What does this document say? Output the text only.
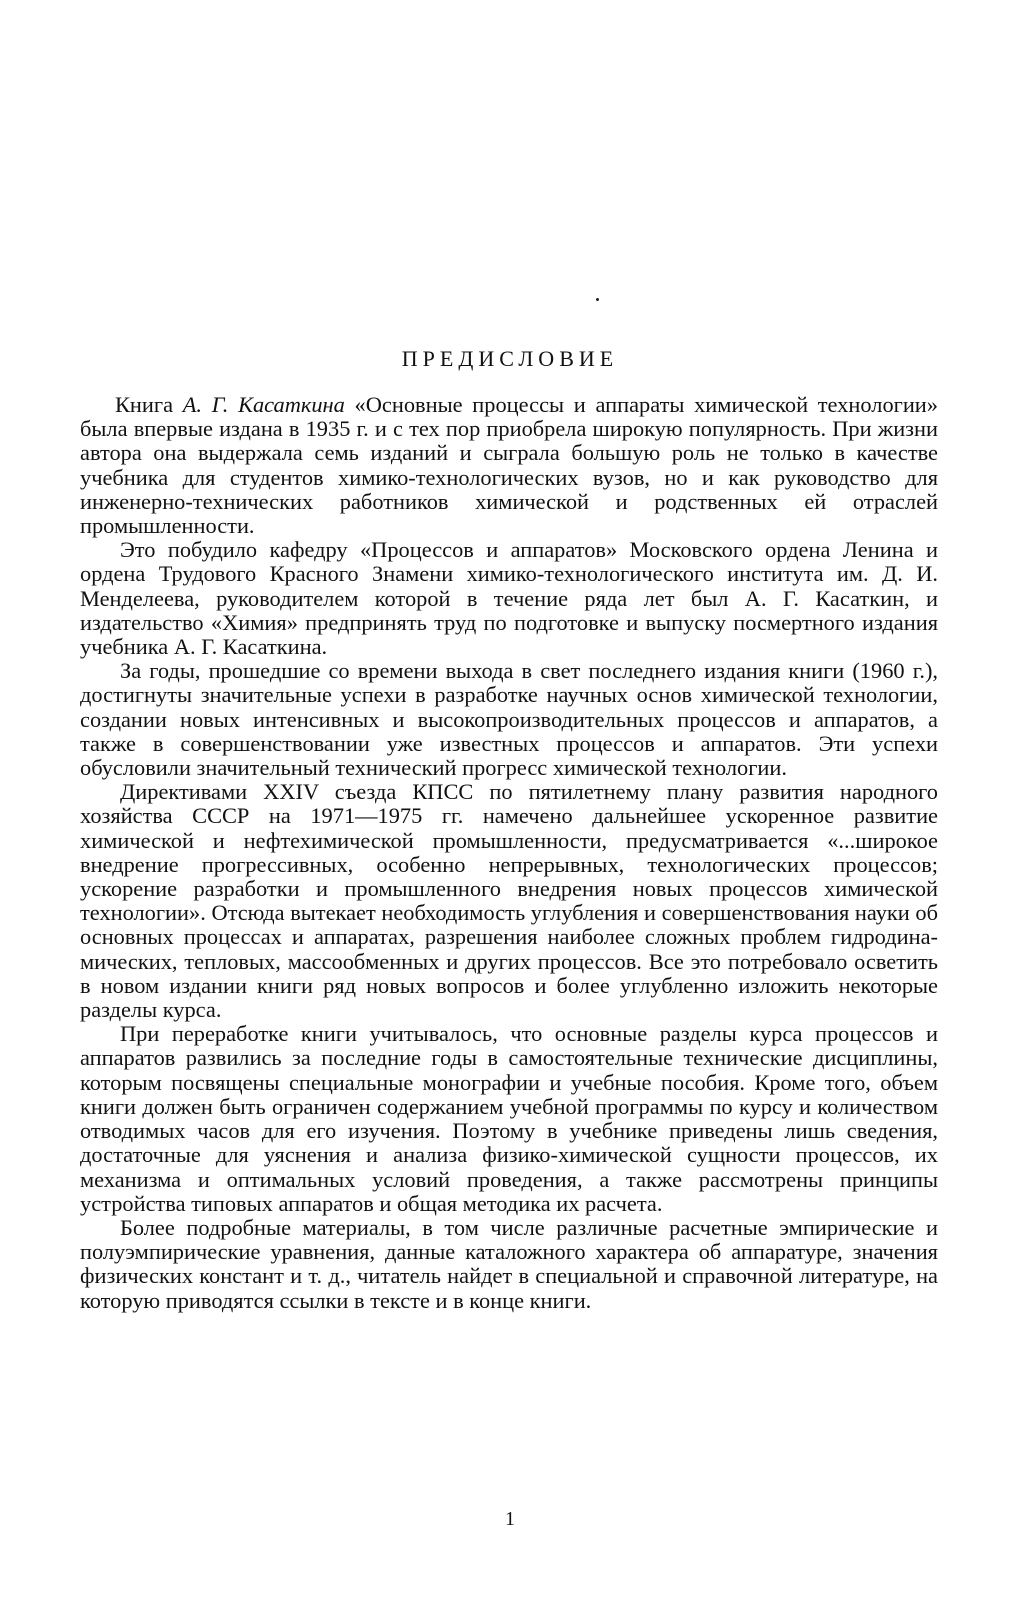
ПРЕДИСЛОВИЕ

Книга А. Г. Касаткина «Основные процессы и аппараты химической технологии» была впервые издана в 1935 г. и с тех пор приобрела широкую популярность. При жизни автора она выдержала семь изданий и сыграла большую роль не только в качестве учебника для студентов химико-технологических вузов, но и как руководство для инженерно-технических работников химической и родственных ей отраслей промышленности.

Это побудило кафедру «Процессов и аппаратов» Московского ордена Ленина и ордена Трудового Красного Знамени химико-технологического института им. Д. И. Менделеева, руководителем которой в течение ряда лет был А. Г. Касаткин, и издательство «Химия» предпринять труд по подготовке и выпуску посмертного издания учебника А. Г. Касаткина.

За годы, прошедшие со времени выхода в свет последнего издания книги (1960 г.), достигнуты значительные успехи в разработке научных основ химической технологии, создании новых интенсивных и высокопроизводительных процессов и аппаратов, а также в совершенствовании уже известных процессов и аппаратов. Эти успехи обусловили значительный технический прогресс химической технологии.

Директивами XXIV съезда КПСС по пятилетнему плану развития народного хозяйства СССР на 1971—1975 гг. намечено дальнейшее ускоренное развитие химической и нефтехимической промышленности, предусматривается «...широкое внедрение прогрессивных, особенно непрерывных, технологических процессов; ускорение разработки и промышленного внедрения новых процессов химической технологии». Отсюда вытекает необходимость углубления и совершенствования науки об основных процессах и аппаратах, разрешения наиболее сложных проблем гидродинамических, тепловых, массообменных и других процессов. Все это потребовало осветить в новом издании книги ряд новых вопросов и более углубленно изложить некоторые разделы курса.

При переработке книги учитывалось, что основные разделы курса процессов и аппаратов развились за последние годы в самостоятельные технические дисциплины, которым посвящены специальные монографии и учебные пособия. Кроме того, объем книги должен быть ограничен содержанием учебной программы по курсу и количеством отводимых часов для его изучения. Поэтому в учебнике приведены лишь сведения, достаточные для уяснения и анализа физико-химической сущности процессов, их механизма и оптимальных условий проведения, а также рассмотрены принципы устройства типовых аппаратов и общая методика их расчета.

Более подробные материалы, в том числе различные расчетные эмпирические и полуэмпирические уравнения, данные каталожного характера об аппаратуре, значения физических констант и т. д., читатель найдет в специальной и справочной литературе, на которую приводятся ссылки в тексте и в конце книги.

1
